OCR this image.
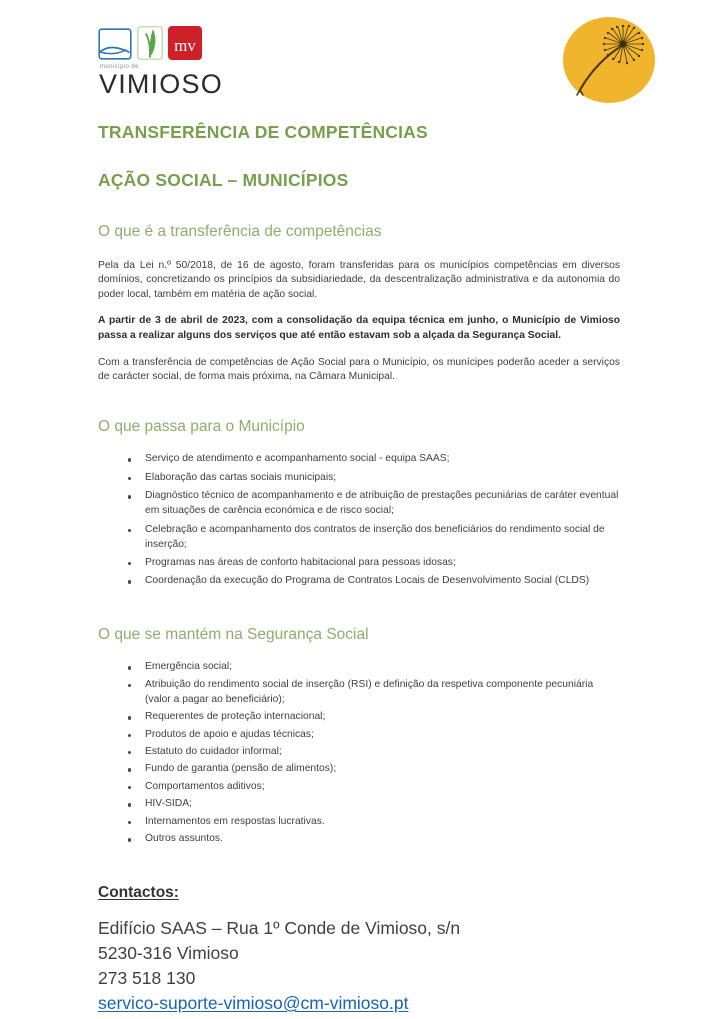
mv
município de
VIMIOSO
TRANSFERÊNCIA DE COMPETÊNCIAS
AÇÃO SOCIAL – MUNICÍPIOS
O que é a transferência de competências

Pela da Lei n.º 50/2018, de 16 de agosto, foram transferidas para os municípios competências em diversos domínios, concretizando os princípios da subsidiariedade, da descentralização administrativa e da autonomia do poder local, também em matéria de ação social.

A partir de 3 de abril de 2023, com a consolidação da equipa técnica em junho, o Município de Vimioso passa a realizar alguns dos serviços que até então estavam sob a alçada da Segurança Social.

Com a transferência de competências de Ação Social para o Município, os munícipes poderão aceder a serviços de carácter social, de forma mais próxima, na Câmara Municipal.

O que passa para o Município
Serviço de atendimento e acompanhamento social - equipa SAAS;
Elaboração das cartas sociais municipais;
Diagnóstico técnico de acompanhamento e de atribuição de prestações pecuniárias de caráter eventual em situações de carência económica e de risco social;
Celebração e acompanhamento dos contratos de inserção dos beneficiários do rendimento social de inserção;
Programas nas áreas de conforto habitacional para pessoas idosas;
Coordenação da execução do Programa de Contratos Locais de Desenvolvimento Social (CLDS)
O que se mantém na Segurança Social
Emergência social;
Atribuição do rendimento social de inserção (RSI) e definição da respetiva componente pecuniária (valor a pagar ao beneficiário);
Requerentes de proteção internacional;
Produtos de apoio e ajudas técnicas;
Estatuto do cuidador informal;
Fundo de garantia (pensão de alimentos);
Comportamentos aditivos;
HIV-SIDA;
Internamentos em respostas lucrativas.
Outros assuntos.
Contactos:
Edifício SAAS – Rua 1º Conde de Vimioso, s/n
5230-316 Vimioso
273 518 130
servico-suporte-vimioso@cm-vimioso.pt
